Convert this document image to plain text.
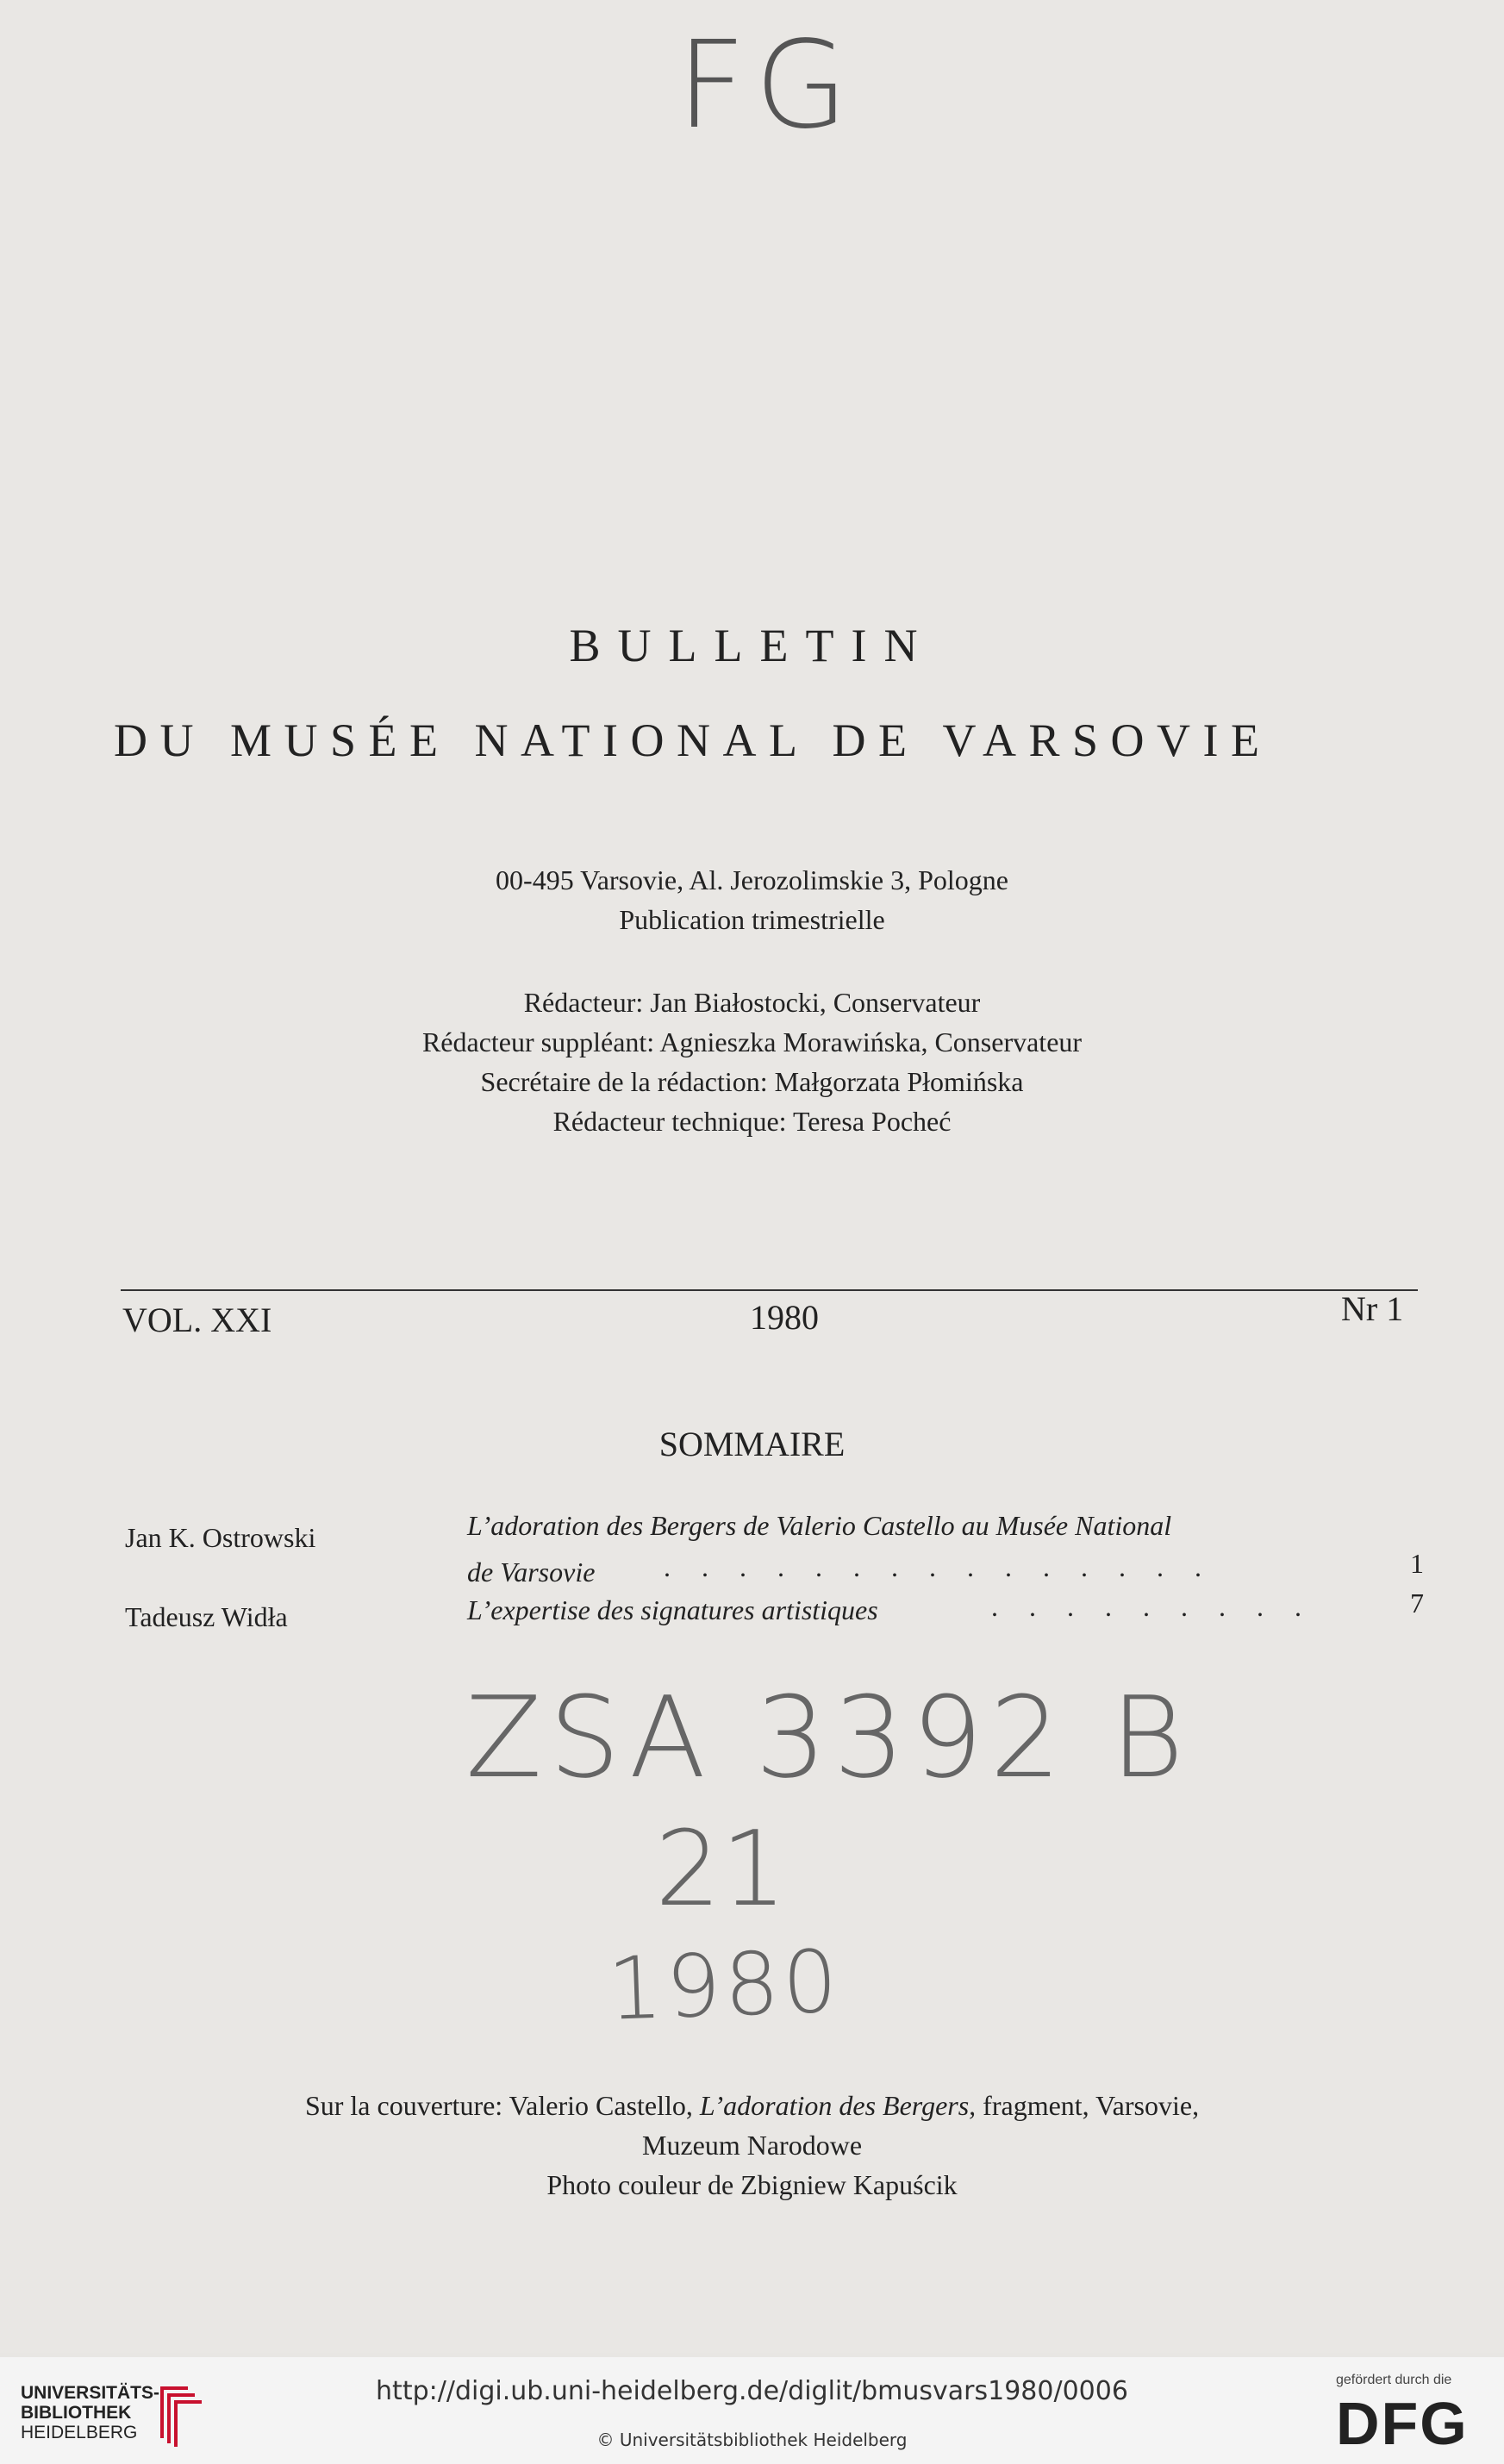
FG
BULLETIN
DU MUSÉE NATIONAL DE VARSOVIE
00-495 Varsovie, Al. Jerozolimskie 3, Pologne
Publication trimestrielle
Rédacteur: Jan Białostocki, Conservateur
Rédacteur suppléant: Agnieszka Morawińska, Conservateur
Secrétaire de la rédaction: Małgorzata Płomińska
Rédacteur technique: Teresa Pocheć
VOL. XXI	1980	Nr 1
SOMMAIRE
Jan K. Ostrowski	L’adoration des Bergers de Valerio Castello au Musée National
de Varsovie . . . . . . . . . . . . . . .	1
Tadeusz Widła	L’expertise des signatures artistiques	. . . . . . . . .	7
ZSA 3392 B
21
1980
Sur la couverture: Valerio Castello, L’adoration des Bergers, fragment, Varsovie,
Muzeum Narodowe
Photo couleur de Zbigniew Kapuścik
UNIVERSITÄTS-
BIBLIOTHEK
HEIDELBERG
http://digi.ub.uni-heidelberg.de/diglit/bmusvars1980/0006
© Universitätsbibliothek Heidelberg
gefördert durch die
DFG
